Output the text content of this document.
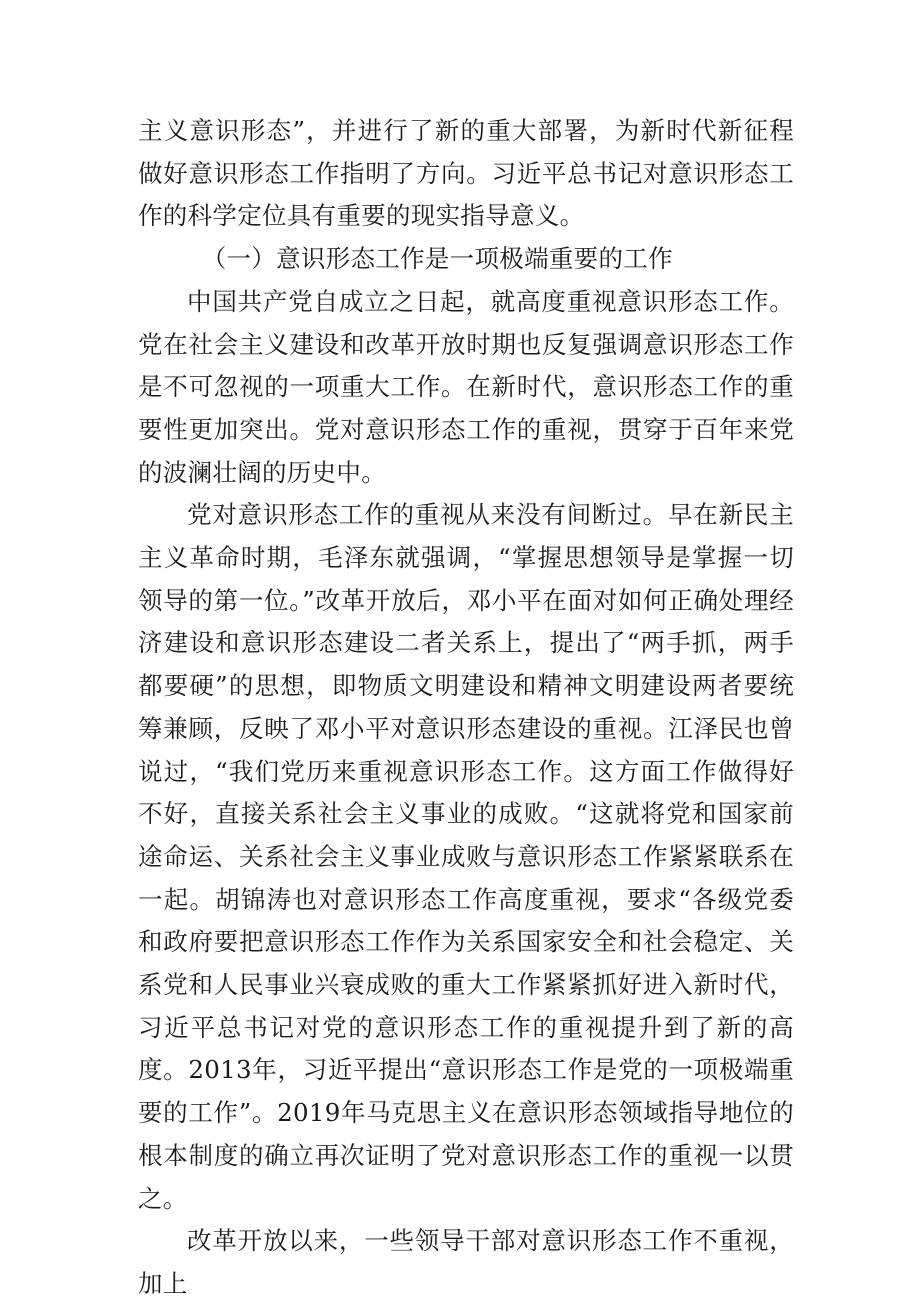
主义意识形态”，并进行了新的重大部署，为新时代新征程做好意识形态工作指明了方向。习近平总书记对意识形态工作的科学定位具有重要的现实指导意义。

（一）意识形态工作是一项极端重要的工作

中国共产党自成立之日起，就高度重视意识形态工作。党在社会主义建设和改革开放时期也反复强调意识形态工作是不可忽视的一项重大工作。在新时代，意识形态工作的重要性更加突出。党对意识形态工作的重视，贯穿于百年来党的波澜壮阔的历史中。

党对意识形态工作的重视从来没有间断过。早在新民主主义革命时期，毛泽东就强调，“掌握思想领导是掌握一切领导的第一位。”改革开放后，邓小平在面对如何正确处理经济建设和意识形态建设二者关系上，提出了“两手抓，两手都要硬”的思想，即物质文明建设和精神文明建设两者要统筹兼顾，反映了邓小平对意识形态建设的重视。江泽民也曾说过，“我们党历来重视意识形态工作。这方面工作做得好不好，直接关系社会主义事业的成败。“这就将党和国家前途命运、关系社会主义事业成败与意识形态工作紧紧联系在一起。胡锦涛也对意识形态工作高度重视，要求“各级党委和政府要把意识形态工作作为关系国家安全和社会稳定、关系党和人民事业兴衰成败的重大工作紧紧抓好进入新时代，习近平总书记对党的意识形态工作的重视提升到了新的高度。2013年，习近平提出“意识形态工作是党的一项极端重要的工作”。2019年马克思主义在意识形态领域指导地位的根本制度的确立再次证明了党对意识形态工作的重视一以贯之。

改革开放以来，一些领导干部对意识形态工作不重视，加上
